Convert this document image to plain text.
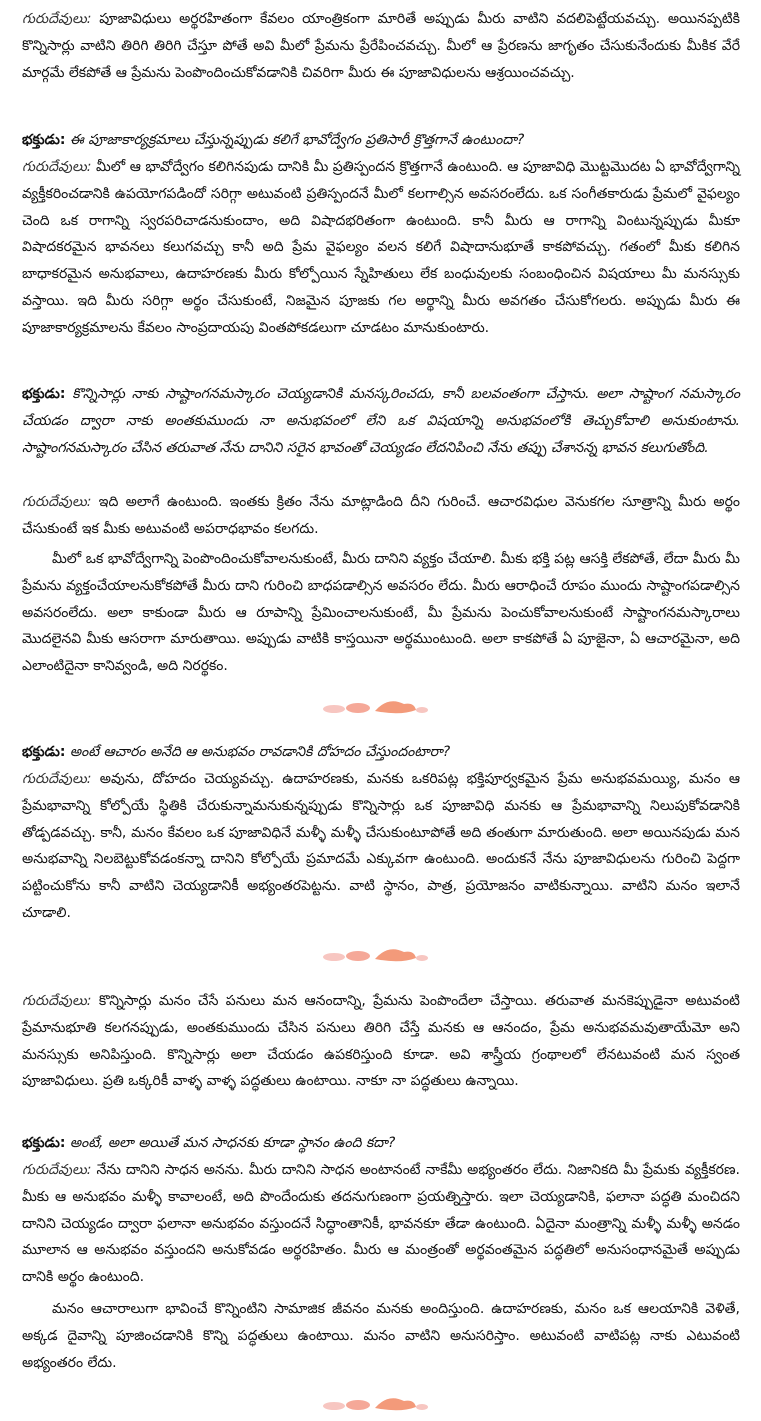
గురుదేవులు: పూజావిధులు అర్థరహితంగా కేవలం యాంత్రికంగా మారితే అప్పుడు మీరు వాటిని వదలిపెట్టేయవచ్చు. అయినప్పటికి కొన్నిసార్లు వాటిని తిరిగి తిరిగి చేస్తూ పోతే అవి మీలో ప్రేమను ప్రేరేపించవచ్చు. మీలో ఆ ప్రేరణను జాగృతం చేసుకునేందుకు మీకిక వేరే మార్గమే లేకపోతే ఆ ప్రేమను పెంపొందించుకోవడానికి చివరిగా మీరు ఈ పూజావిధులను ఆశ్రయించవచ్చు.

భక్తుడు: ఈ పూజాకార్యక్రమాలు చేస్తున్నప్పుడు కలిగే భావోద్వేగం ప్రతిసారీ క్రొత్తగానే ఉంటుందా?

గురుదేవులు: మీలో ఆ భావోద్వేగం కలిగినపుడు దానికి మీ ప్రతిస్పందన క్రొత్తగానే ఉంటుంది. ఆ పూజావిధి మొట్టమొదట ఏ భావోద్వేగాన్ని వ్యక్తీకరించడానికి ఉపయోగపడిందో సరిగ్గా అటువంటి ప్రతిస్పందనే మీలో కలగాల్సిన అవసరంలేదు. ఒక సంగీతకారుడు ప్రేమలో వైఫల్యం చెంది ఒక రాగాన్ని స్వరపరిచాడనుకుందాం, అది విషాదభరితంగా ఉంటుంది. కానీ మీరు ఆ రాగాన్ని వింటున్నప్పుడు మీకూ విషాదకరమైన భావనలు కలుగవచ్చు కానీ అది ప్రేమ వైఫల్యం వలన కలిగే విషాదానుభూతే కాకపోవచ్చు. గతంలో మీకు కలిగిన బాధాకరమైన అనుభవాలు, ఉదాహరణకు మీరు కోల్పోయిన స్నేహితులు లేక బంధువులకు సంబంధించిన విషయాలు మీ మనస్సుకు వస్తాయి. ఇది మీరు సరిగ్గా అర్థం చేసుకుంటే, నిజమైన పూజకు గల అర్థాన్ని మీరు అవగతం చేసుకోగలరు. అప్పుడు మీరు ఈ పూజాకార్యక్రమాలను కేవలం సాంప్రదాయపు వింతపోకడలుగా చూడటం మానుకుంటారు.

భక్తుడు: కొన్నిసార్లు నాకు సాష్టాంగనమస్కారం చెయ్యడానికి మనస్కరించదు, కానీ బలవంతంగా చేస్తాను. అలా సాష్టాంగ నమస్కారం చేయడం ద్వారా నాకు అంతకుముందు నా అనుభవంలో లేని ఒక విషయాన్ని అనుభవంలోకి తెచ్చుకోవాలి అనుకుంటాను. సాష్టాంగనమస్కారం చేసిన తరువాత నేను దానిని సరైన భావంతో చెయ్యడం లేదనిపించి నేను తప్పు చేశానన్న భావన కలుగుతోంది.

గురుదేవులు: ఇది అలాగే ఉంటుంది. ఇంతకు క్రితం నేను మాట్లాడింది దీని గురించే. ఆచారవిధుల వెనుకగల సూత్రాన్ని మీరు అర్థం చేసుకుంటే ఇక మీకు అటువంటి అపరాధభావం కలగదు.

మీలో ఒక భావోద్వేగాన్ని పెంపొందించుకోవాలనుకుంటే, మీరు దానిని వ్యక్తం చేయాలి. మీకు భక్తి పట్ల ఆసక్తి లేకపోతే, లేదా మీరు మీ ప్రేమను వ్యక్తంచేయాలనుకోకపోతే మీరు దాని గురించి బాధపడాల్సిన అవసరం లేదు. మీరు ఆరాధించే రూపం ముందు సాష్టాంగపడాల్సిన అవసరంలేదు. అలా కాకుండా మీరు ఆ రూపాన్ని ప్రేమించాలనుకుంటే, మీ ప్రేమను పెంచుకోవాలనుకుంటే సాష్టాంగనమస్కారాలు మొదలైనవి మీకు ఆసరాగా మారుతాయి. అప్పుడు వాటికి కాస్తయినా అర్థముంటుంది. అలా కాకపోతే ఏ పూజైనా, ఏ ఆచారమైనా, అది ఎలాంటిదైనా కానివ్వండి, అది నిరర్థకం.

భక్తుడు: అంటే ఆచారం అనేది ఆ అనుభవం రావడానికి దోహదం చేస్తుందంటారా?

గురుదేవులు: అవును, దోహదం చెయ్యవచ్చు. ఉదాహరణకు, మనకు ఒకరిపట్ల భక్తిపూర్వకమైన ప్రేమ అనుభవమయ్యి, మనం ఆ ప్రేమభావాన్ని కోల్పోయే స్థితికి చేరుకున్నామనుకున్నప్పుడు కొన్నిసార్లు ఒక పూజావిధి మనకు ఆ ప్రేమభావాన్ని నిలుపుకోవడానికి తోడ్పడవచ్చు. కానీ, మనం కేవలం ఒక పూజావిధినే మళ్ళీ మళ్ళీ చేసుకుంటూపోతే అది తంతుగా మారుతుంది. అలా అయినపుడు మన అనుభవాన్ని నిలబెట్టుకోవడంకన్నా దానిని కోల్పోయే ప్రమాదమే ఎక్కువగా ఉంటుంది. అందుకనే నేను పూజావిధులను గురించి పెద్దగా పట్టించుకోను కానీ వాటిని చెయ్యడానికీ అభ్యంతరపెట్టను. వాటి స్థానం, పాత్ర, ప్రయోజనం వాటికున్నాయి. వాటిని మనం ఇలానే చూడాలి.

గురుదేవులు: కొన్నిసార్లు మనం చేసే పనులు మన ఆనందాన్ని, ప్రేమను పెంపొందేలా చేస్తాయి. తరువాత మనకెప్పుడైనా అటువంటి ప్రేమానుభూతి కలగనప్పుడు, అంతకుముందు చేసిన పనులు తిరిగి చేస్తే మనకు ఆ ఆనందం, ప్రేమ అనుభవమవుతాయేమో అని మనస్సుకు అనిపిస్తుంది. కొన్నిసార్లు అలా చేయడం ఉపకరిస్తుంది కూడా. అవి శాస్త్రీయ గ్రంథాలలో లేనటువంటి మన స్వంత పూజావిధులు. ప్రతి ఒక్కరికీ వాళ్ళ వాళ్ళ పద్ధతులు ఉంటాయి. నాకూ నా పద్ధతులు ఉన్నాయి.

భక్తుడు: అంటే, అలా అయితే మన సాధనకు కూడా స్థానం ఉంది కదా?

గురుదేవులు: నేను దానిని సాధన అనను. మీరు దానిని సాధన అంటానంటే నాకేమీ అభ్యంతరం లేదు. నిజానికది మీ ప్రేమకు వ్యక్తీకరణ. మీకు ఆ అనుభవం మళ్ళీ కావాలంటే, అది పొందేందుకు తదనుగుణంగా ప్రయత్నిస్తారు. ఇలా చెయ్యడానికి, ఫలానా పద్ధతి మంచిదని దానిని చెయ్యడం ద్వారా ఫలానా అనుభవం వస్తుందనే సిద్ధాంతానికీ, భావనకూ తేడా ఉంటుంది. ఏదైనా మంత్రాన్ని మళ్ళీ మళ్ళీ అనడం మూలాన ఆ అనుభవం వస్తుందని అనుకోవడం అర్థరహితం. మీరు ఆ మంత్రంతో అర్థవంతమైన పద్ధతిలో అనుసంధానమైతే అప్పుడు దానికి అర్థం ఉంటుంది.

మనం ఆచారాలుగా భావించే కొన్నింటిని సామాజిక జీవనం మనకు అందిస్తుంది. ఉదాహరణకు, మనం ఒక ఆలయానికి వెళితే, అక్కడ దైవాన్ని పూజించడానికి కొన్ని పద్ధతులు ఉంటాయి. మనం వాటిని అనుసరిస్తాం. అటువంటి వాటిపట్ల నాకు ఎటువంటి అభ్యంతరం లేదు.
